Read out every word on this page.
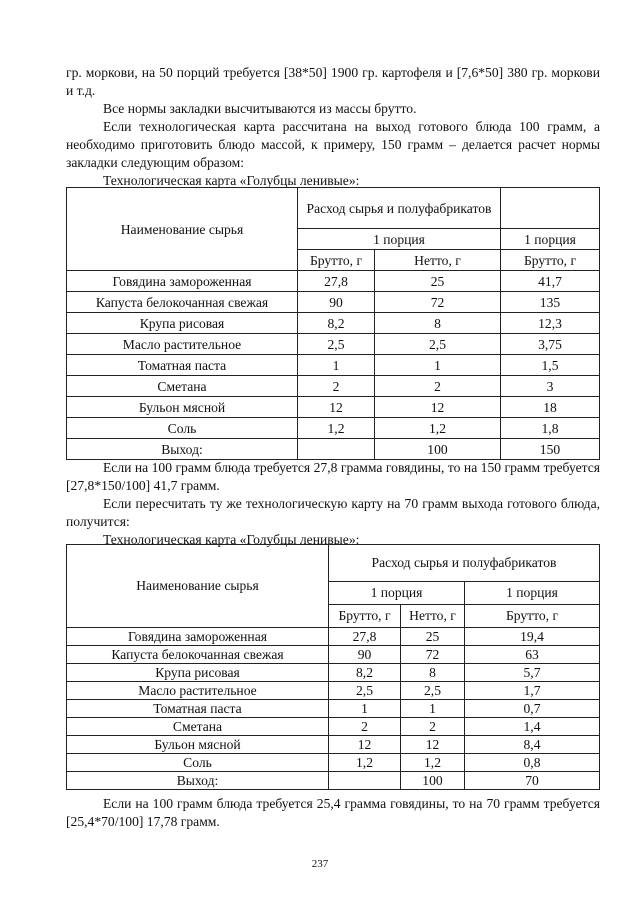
гр. моркови, на 50 порций требуется [38*50] 1900 гр. картофеля и [7,6*50] 380 гр. моркови и т.д.

Все нормы закладки высчитываются из массы брутто.

Если технологическая карта рассчитана на выход готового блюда 100 грамм, а необходимо приготовить блюдо массой, к примеру, 150 грамм – делается расчет нормы закладки следующим образом:

Технологическая карта «Голубцы ленивые»:

Наименование сырья	Расход сырья и полуфабрикатов		
	1 порция		1 порция
	Брутто, г	Нетто, г	Брутто, г
Говядина замороженная	27,8	25	41,7
Капуста белокочанная свежая	90	72	135
Крупа рисовая	8,2	8	12,3
Масло растительное	2,5	2,5	3,75
Томатная паста	1	1	1,5
Сметана	2	2	3
Бульон мясной	12	12	18
Соль	1,2	1,2	1,8
Выход:		100	150

Если на 100 грамм блюда требуется 27,8 грамма говядины, то на 150 грамм требуется [27,8*150/100] 41,7 грамм.

Если пересчитать ту же технологическую карту на 70 грамм выхода готового блюда, получится:

Технологическая карта «Голубцы ленивые»:

Наименование сырья	Расход сырья и полуфабрикатов		
	1 порция		1 порция
	Брутто, г	Нетто, г	Брутто, г
Говядина замороженная	27,8	25	19,4
Капуста белокочанная свежая	90	72	63
Крупа рисовая	8,2	8	5,7
Масло растительное	2,5	2,5	1,7
Томатная паста	1	1	0,7
Сметана	2	2	1,4
Бульон мясной	12	12	8,4
Соль	1,2	1,2	0,8
Выход:		100	70

Если на 100 грамм блюда требуется 25,4 грамма говядины, то на 70 грамм требуется [25,4*70/100] 17,78 грамм.

237
